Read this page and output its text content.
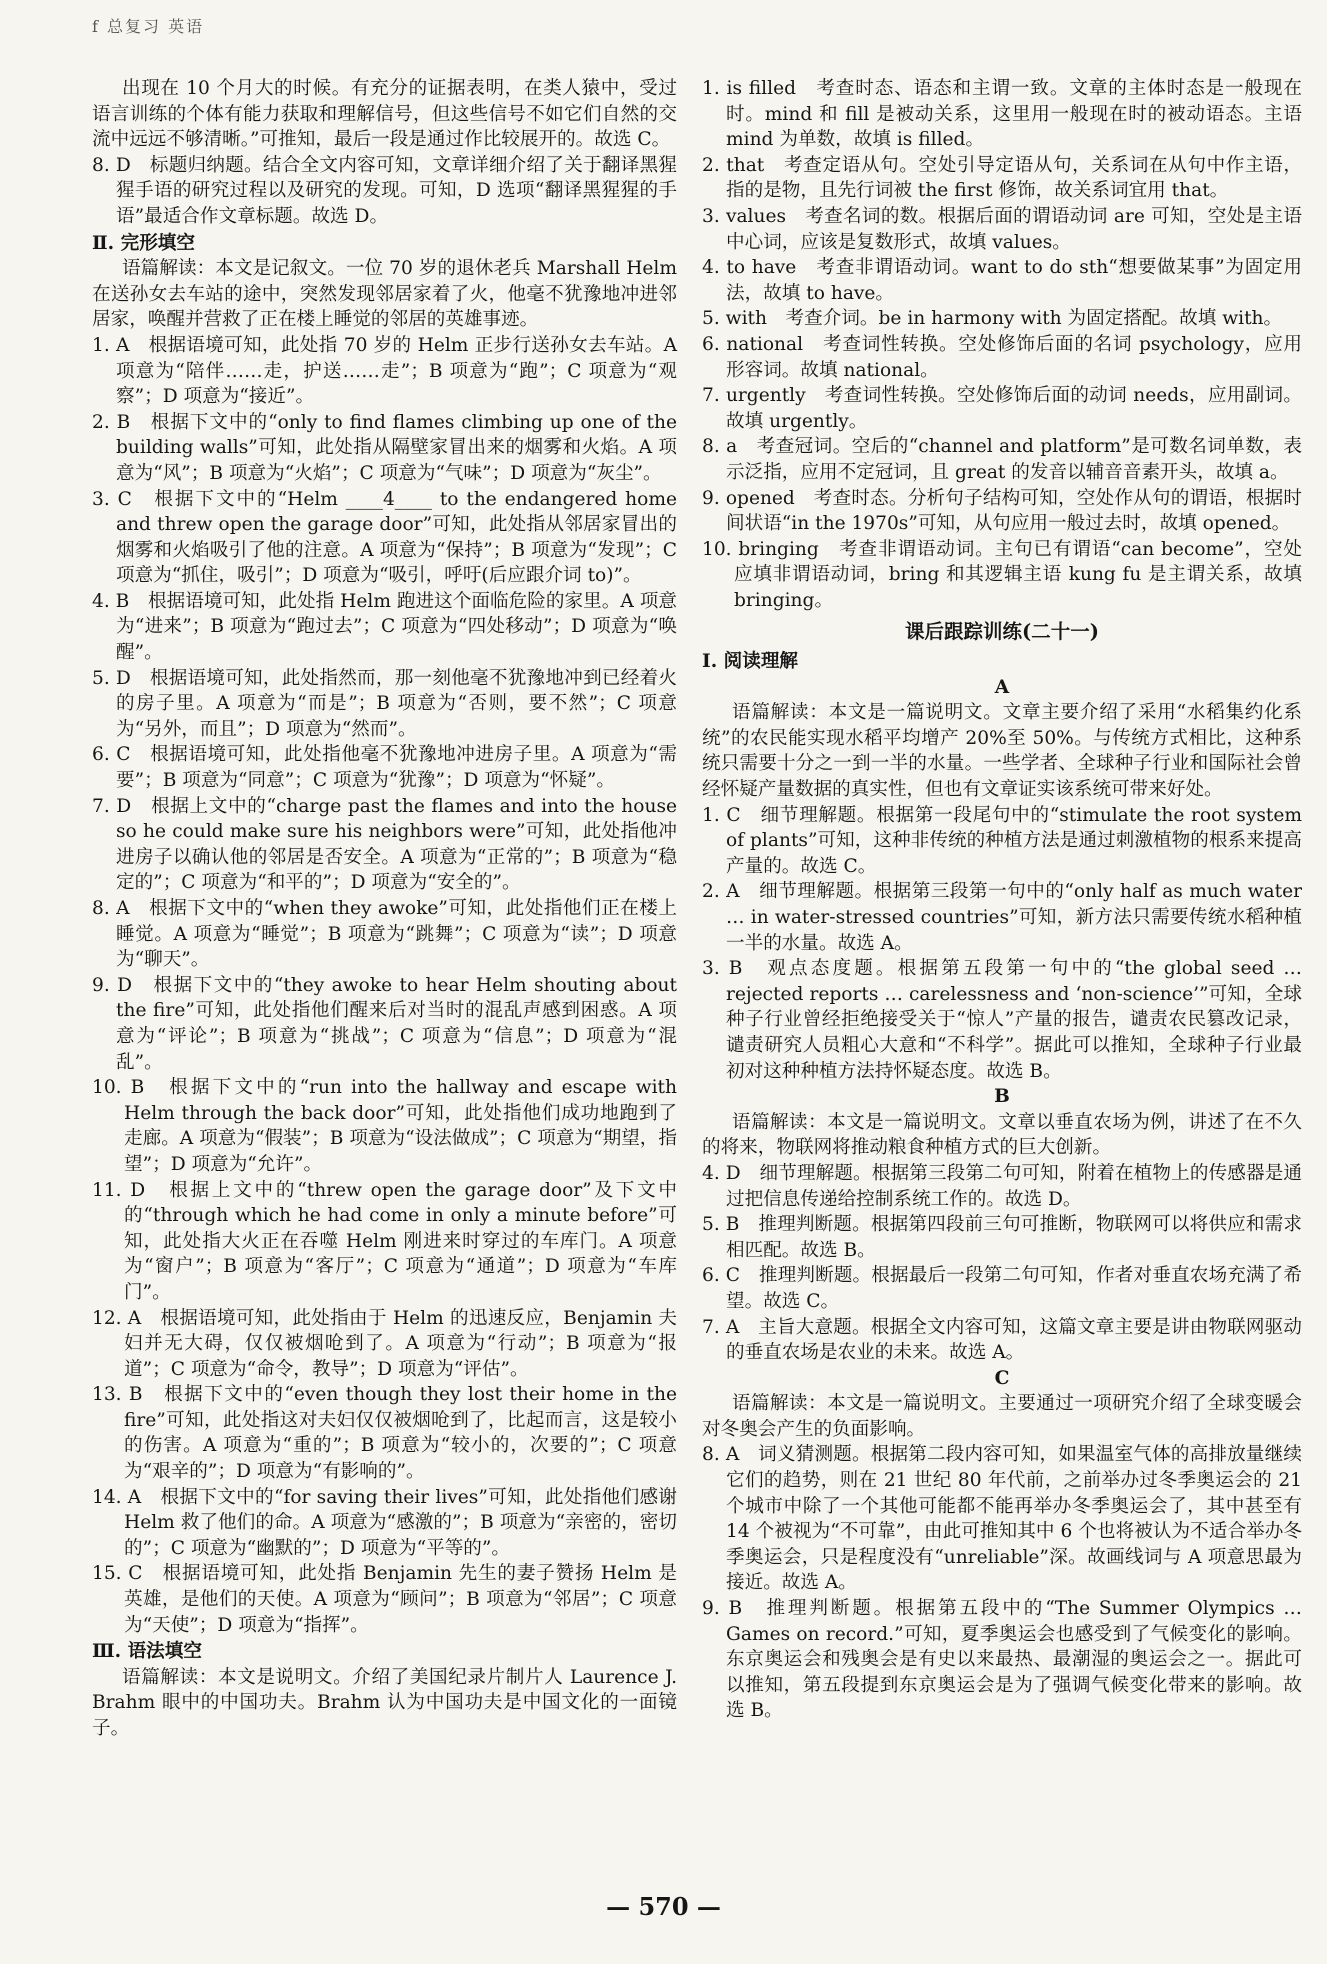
f 总复习 英语

出现在 10 个月大的时候。有充分的证据表明，在类人猿中，受过语言训练的个体有能力获取和理解信号，但这些信号不如它们自然的交流中远远不够清晰。”可推知，最后一段是通过作比较展开的。故选 C。

8. D　标题归纳题。结合全文内容可知，文章详细介绍了关于翻译黑猩猩手语的研究过程以及研究的发现。可知，D 选项“翻译黑猩猩的手语”最适合作文章标题。故选 D。

Ⅱ. 完形填空

语篇解读：本文是记叙文。一位 70 岁的退休老兵 Marshall Helm 在送孙女去车站的途中，突然发现邻居家着了火，他毫不犹豫地冲进邻居家，唤醒并营救了正在楼上睡觉的邻居的英雄事迹。

1. A　根据语境可知，此处指 70 岁的 Helm 正步行送孙女去车站。A 项意为“陪伴……走，护送……走”；B 项意为“跑”；C 项意为“观察”；D 项意为“接近”。

2. B　根据下文中的“only to find flames climbing up one of the building walls”可知，此处指从隔壁家冒出来的烟雾和火焰。A 项意为“风”；B 项意为“火焰”；C 项意为“气味”；D 项意为“灰尘”。

3. C　根据下文中的“Helm ____4____ to the endangered home and threw open the garage door”可知，此处指从邻居家冒出的烟雾和火焰吸引了他的注意。A 项意为“保持”；B 项意为“发现”；C 项意为“抓住，吸引”；D 项意为“吸引，呼吁(后应跟介词 to)”。

4. B　根据语境可知，此处指 Helm 跑进这个面临危险的家里。A 项意为“进来”；B 项意为“跑过去”；C 项意为“四处移动”；D 项意为“唤醒”。

5. D　根据语境可知，此处指然而，那一刻他毫不犹豫地冲到已经着火的房子里。A 项意为“而是”；B 项意为“否则，要不然”；C 项意为“另外，而且”；D 项意为“然而”。

6. C　根据语境可知，此处指他毫不犹豫地冲进房子里。A 项意为“需要”；B 项意为“同意”；C 项意为“犹豫”；D 项意为“怀疑”。

7. D　根据上文中的“charge past the flames and into the house so he could make sure his neighbors were”可知，此处指他冲进房子以确认他的邻居是否安全。A 项意为“正常的”；B 项意为“稳定的”；C 项意为“和平的”；D 项意为“安全的”。

8. A　根据下文中的“when they awoke”可知，此处指他们正在楼上睡觉。A 项意为“睡觉”；B 项意为“跳舞”；C 项意为“读”；D 项意为“聊天”。

9. D　根据下文中的“they awoke to hear Helm shouting about the fire”可知，此处指他们醒来后对当时的混乱声感到困惑。A 项意为“评论”；B 项意为“挑战”；C 项意为“信息”；D 项意为“混乱”。

10. B　根据下文中的“run into the hallway and escape with Helm through the back door”可知，此处指他们成功地跑到了走廊。A 项意为“假装”；B 项意为“设法做成”；C 项意为“期望，指望”；D 项意为“允许”。

11. D　根据上文中的“threw open the garage door”及下文中的“through which he had come in only a minute before”可知，此处指大火正在吞噬 Helm 刚进来时穿过的车库门。A 项意为“窗户”；B 项意为“客厅”；C 项意为“通道”；D 项意为“车库门”。

12. A　根据语境可知，此处指由于 Helm 的迅速反应，Benjamin 夫妇并无大碍，仅仅被烟呛到了。A 项意为“行动”；B 项意为“报道”；C 项意为“命令，教导”；D 项意为“评估”。

13. B　根据下文中的“even though they lost their home in the fire”可知，此处指这对夫妇仅仅被烟呛到了，比起而言，这是较小的伤害。A 项意为“重的”；B 项意为“较小的，次要的”；C 项意为“艰辛的”；D 项意为“有影响的”。

14. A　根据下文中的“for saving their lives”可知，此处指他们感谢 Helm 救了他们的命。A 项意为“感激的”；B 项意为“亲密的，密切的”；C 项意为“幽默的”；D 项意为“平等的”。

15. C　根据语境可知，此处指 Benjamin 先生的妻子赞扬 Helm 是英雄，是他们的天使。A 项意为“顾问”；B 项意为“邻居”；C 项意为“天使”；D 项意为“指挥”。

Ⅲ. 语法填空

语篇解读：本文是说明文。介绍了美国纪录片制片人 Laurence J. Brahm 眼中的中国功夫。Brahm 认为中国功夫是中国文化的一面镜子。

1. is filled　考查时态、语态和主谓一致。文章的主体时态是一般现在时。mind 和 fill 是被动关系，这里用一般现在时的被动语态。主语 mind 为单数，故填 is filled。

2. that　考查定语从句。空处引导定语从句，关系词在从句中作主语，指的是物，且先行词被 the first 修饰，故关系词宜用 that。

3. values　考查名词的数。根据后面的谓语动词 are 可知，空处是主语中心词，应该是复数形式，故填 values。

4. to have　考查非谓语动词。want to do sth“想要做某事”为固定用法，故填 to have。

5. with　考查介词。be in harmony with 为固定搭配。故填 with。

6. national　考查词性转换。空处修饰后面的名词 psychology，应用形容词。故填 national。

7. urgently　考查词性转换。空处修饰后面的动词 needs，应用副词。故填 urgently。

8. a　考查冠词。空后的“channel and platform”是可数名词单数，表示泛指，应用不定冠词，且 great 的发音以辅音音素开头，故填 a。

9. opened　考查时态。分析句子结构可知，空处作从句的谓语，根据时间状语“in the 1970s”可知，从句应用一般过去时，故填 opened。

10. bringing　考查非谓语动词。主句已有谓语“can become”，空处应填非谓语动词，bring 和其逻辑主语 kung fu 是主谓关系，故填 bringing。

课后跟踪训练(二十一)

Ⅰ. 阅读理解

A

语篇解读：本文是一篇说明文。文章主要介绍了采用“水稻集约化系统”的农民能实现水稻平均增产 20%至 50%。与传统方式相比，这种系统只需要十分之一到一半的水量。一些学者、全球种子行业和国际社会曾经怀疑产量数据的真实性，但也有文章证实该系统可带来好处。

1. C　细节理解题。根据第一段尾句中的“stimulate the root system of plants”可知，这种非传统的种植方法是通过刺激植物的根系来提高产量的。故选 C。

2. A　细节理解题。根据第三段第一句中的“only half as much water … in water-stressed countries”可知，新方法只需要传统水稻种植一半的水量。故选 A。

3. B　观点态度题。根据第五段第一句中的“the global seed … rejected reports … carelessness and ‘non-science’”可知，全球种子行业曾经拒绝接受关于“惊人”产量的报告，谴责农民篡改记录，谴责研究人员粗心大意和“不科学”。据此可以推知，全球种子行业最初对这种种植方法持怀疑态度。故选 B。

B

语篇解读：本文是一篇说明文。文章以垂直农场为例，讲述了在不久的将来，物联网将推动粮食种植方式的巨大创新。

4. D　细节理解题。根据第三段第二句可知，附着在植物上的传感器是通过把信息传递给控制系统工作的。故选 D。

5. B　推理判断题。根据第四段前三句可推断，物联网可以将供应和需求相匹配。故选 B。

6. C　推理判断题。根据最后一段第二句可知，作者对垂直农场充满了希望。故选 C。

7. A　主旨大意题。根据全文内容可知，这篇文章主要是讲由物联网驱动的垂直农场是农业的未来。故选 A。

C

语篇解读：本文是一篇说明文。主要通过一项研究介绍了全球变暖会对冬奥会产生的负面影响。

8. A　词义猜测题。根据第二段内容可知，如果温室气体的高排放量继续它们的趋势，则在 21 世纪 80 年代前，之前举办过冬季奥运会的 21 个城市中除了一个其他可能都不能再举办冬季奥运会了，其中甚至有 14 个被视为“不可靠”，由此可推知其中 6 个也将被认为不适合举办冬季奥运会，只是程度没有“unreliable”深。故画线词与 A 项意思最为接近。故选 A。

9. B　推理判断题。根据第五段中的“The Summer Olympics … Games on record.”可知，夏季奥运会也感受到了气候变化的影响。东京奥运会和残奥会是有史以来最热、最潮湿的奥运会之一。据此可以推知，第五段提到东京奥运会是为了强调气候变化带来的影响。故选 B。

— 570 —
